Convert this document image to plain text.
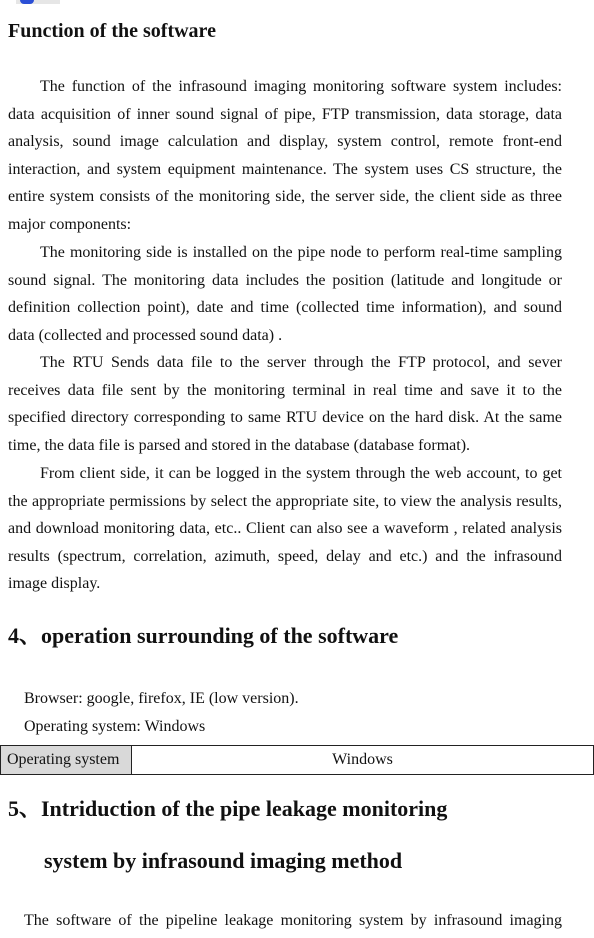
Function of the software

The function of the infrasound imaging monitoring software system includes: data acquisition of inner sound signal of pipe, FTP transmission, data storage, data analysis, sound image calculation and display, system control, remote front-end interaction, and system equipment maintenance. The system uses CS structure, the entire system consists of the monitoring side, the server side, the client side as three major components:

The monitoring side is installed on the pipe node to perform real-time sampling sound signal. The monitoring data includes the position (latitude and longitude or definition collection point), date and time (collected time information), and sound data (collected and processed sound data) .

The RTU Sends data file to the server through the FTP protocol, and sever receives data file sent by the monitoring terminal in real time and save it to the specified directory corresponding to same RTU device on the hard disk. At the same time, the data file is parsed and stored in the database (database format).

From client side, it can be logged in the system through the web account, to get the appropriate permissions by select the appropriate site, to view the analysis results, and download monitoring data, etc.. Client can also see a waveform , related analysis results (spectrum, correlation, azimuth, speed, delay and etc.) and the infrasound image display.

4、operation surrounding of the software

Browser: google, firefox, IE (low version).

Operating system: Windows

Operating system	Windows
5、Intriduction of the pipe leakage monitoring
system by infrasound imaging method

The software of the pipeline leakage monitoring system by infrasound imaging
